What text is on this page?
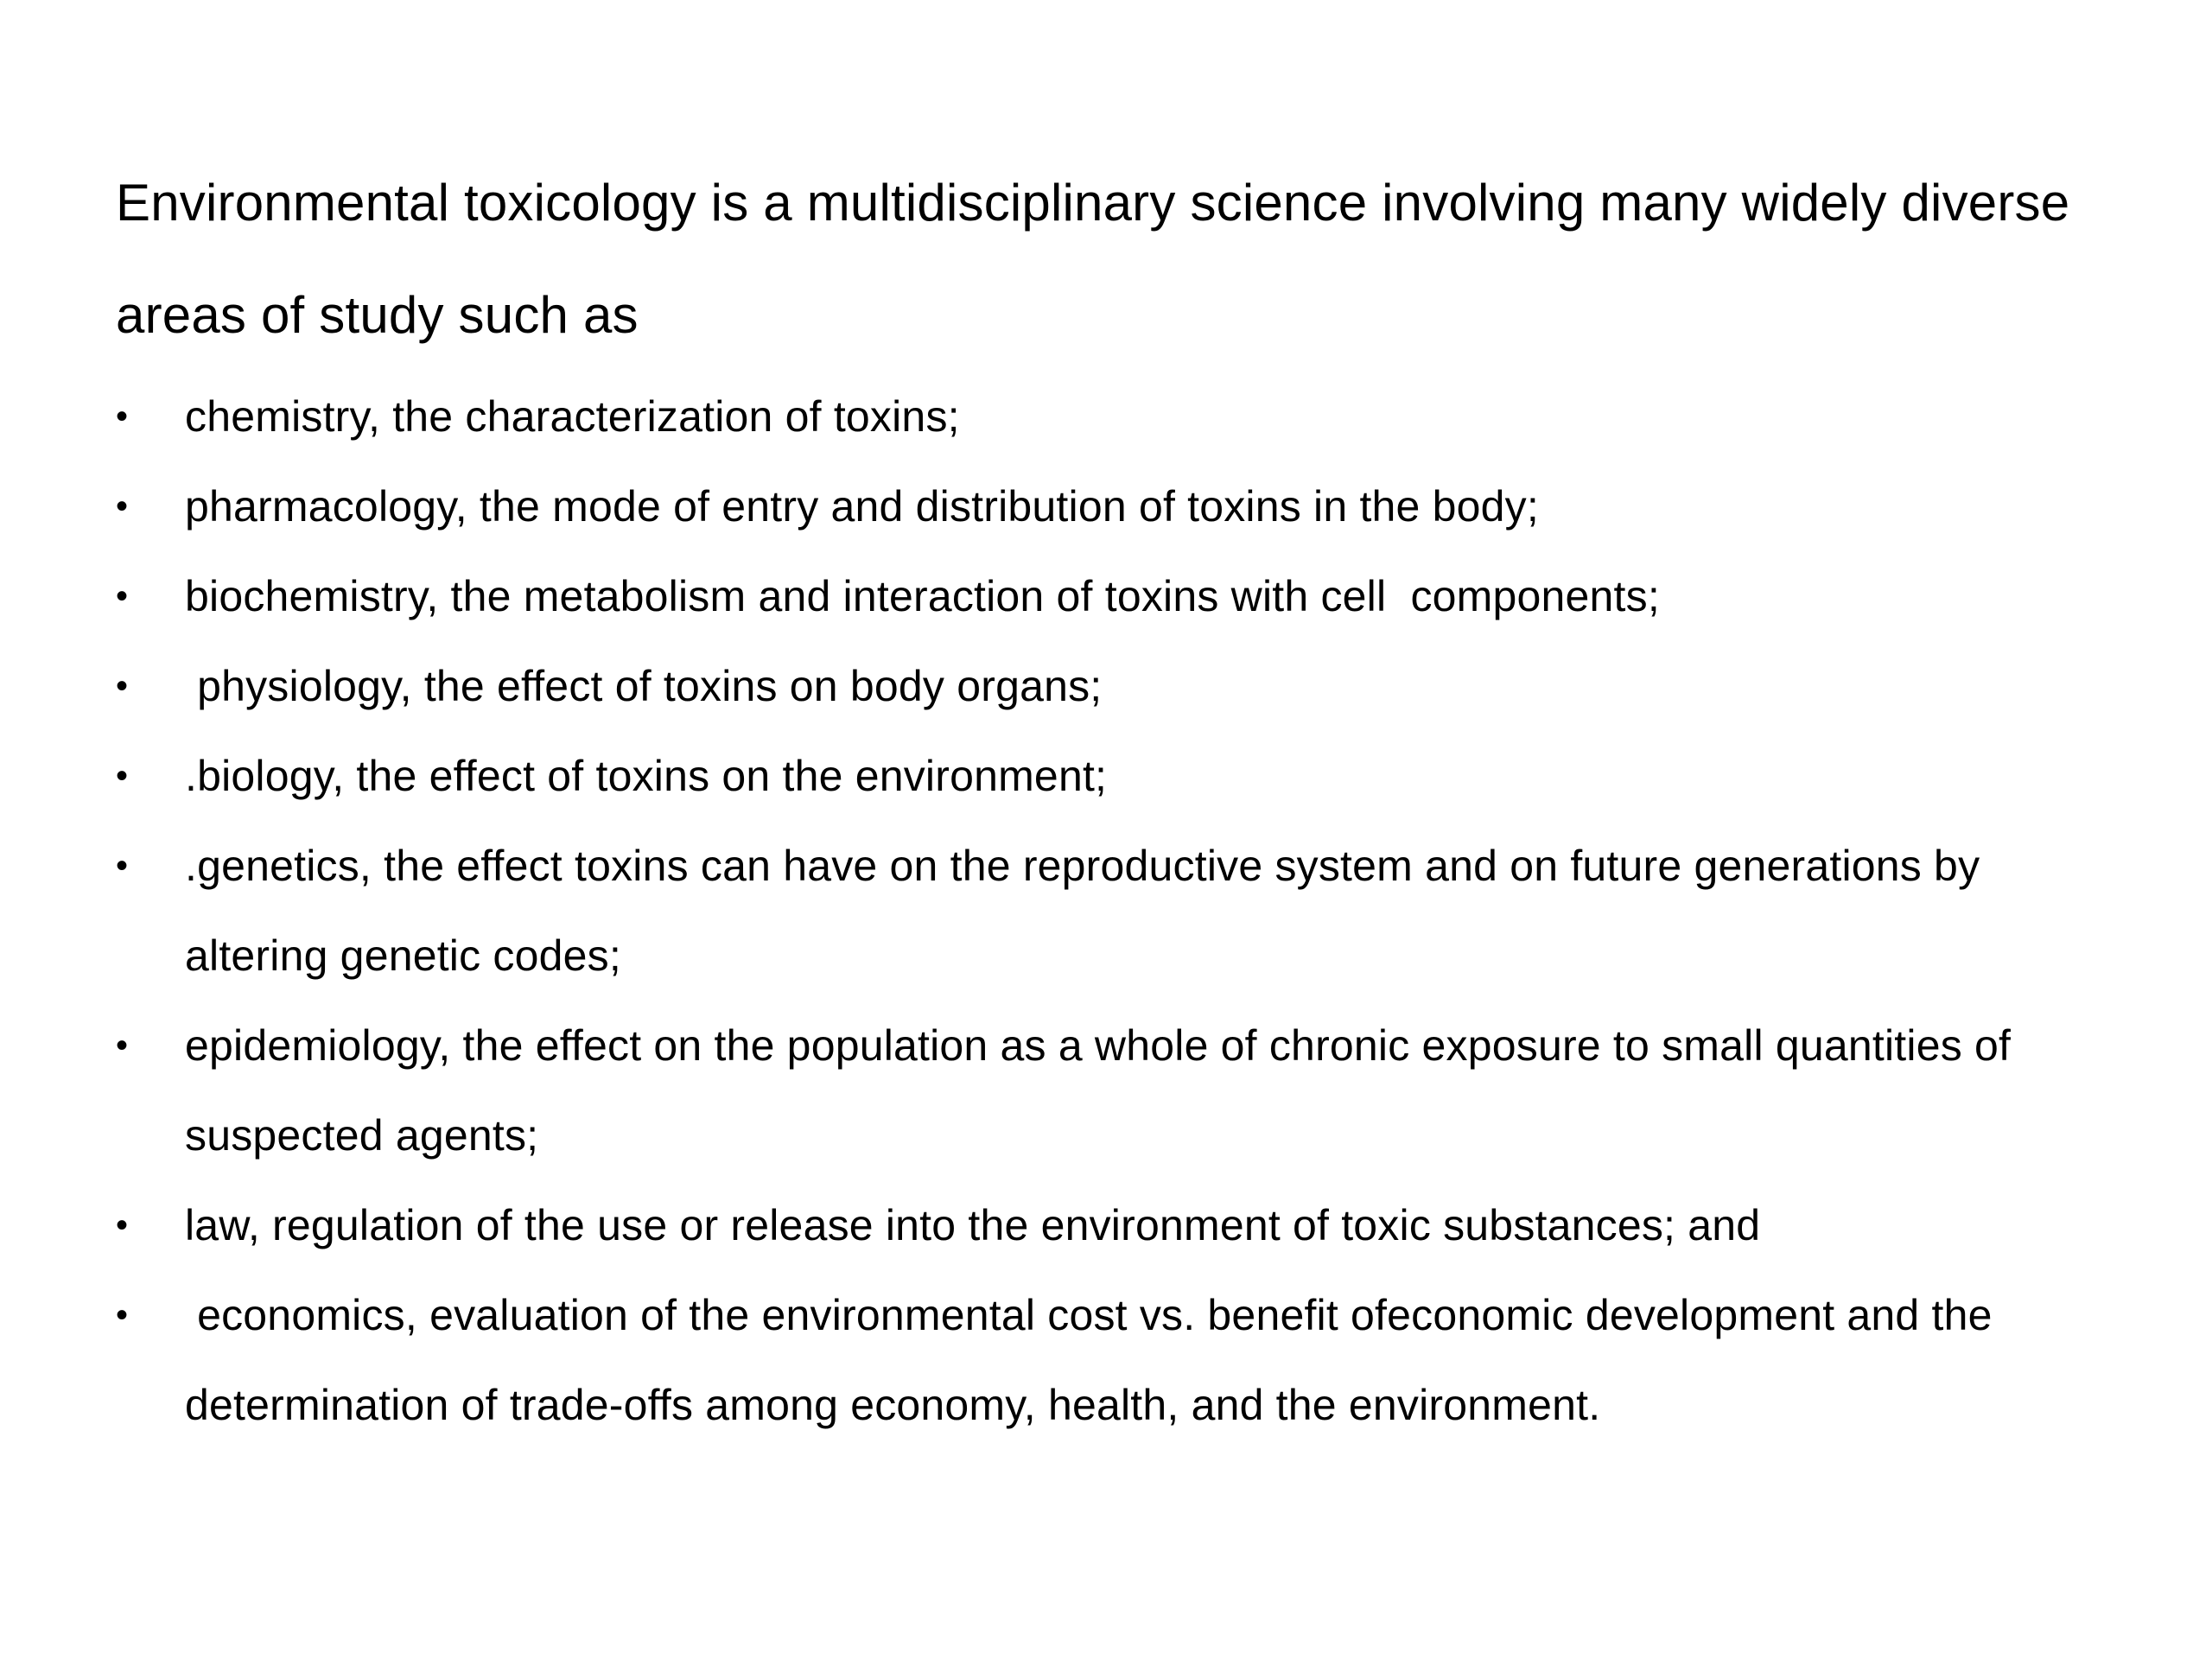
Environmental toxicology is a multidisciplinary science involving many widely diverse areas of study such as

•	chemistry, the characterization of toxins;
•	pharmacology, the mode of entry and distribution of toxins in the body;
•	biochemistry, the metabolism and interaction of toxins with cell  components;
•	physiology, the effect of toxins on body organs;
•	.biology, the effect of toxins on the environment;
•	.genetics, the effect toxins can have on the reproductive system and on future generations by altering genetic codes;
•	epidemiology, the effect on the population as a whole of chronic exposure to small quantities of suspected agents;
•	law, regulation of the use or release into the environment of toxic substances; and
•	economics, evaluation of the environmental cost vs. benefit ofeconomic development and the determination of trade-offs among economy, health, and the environment.
